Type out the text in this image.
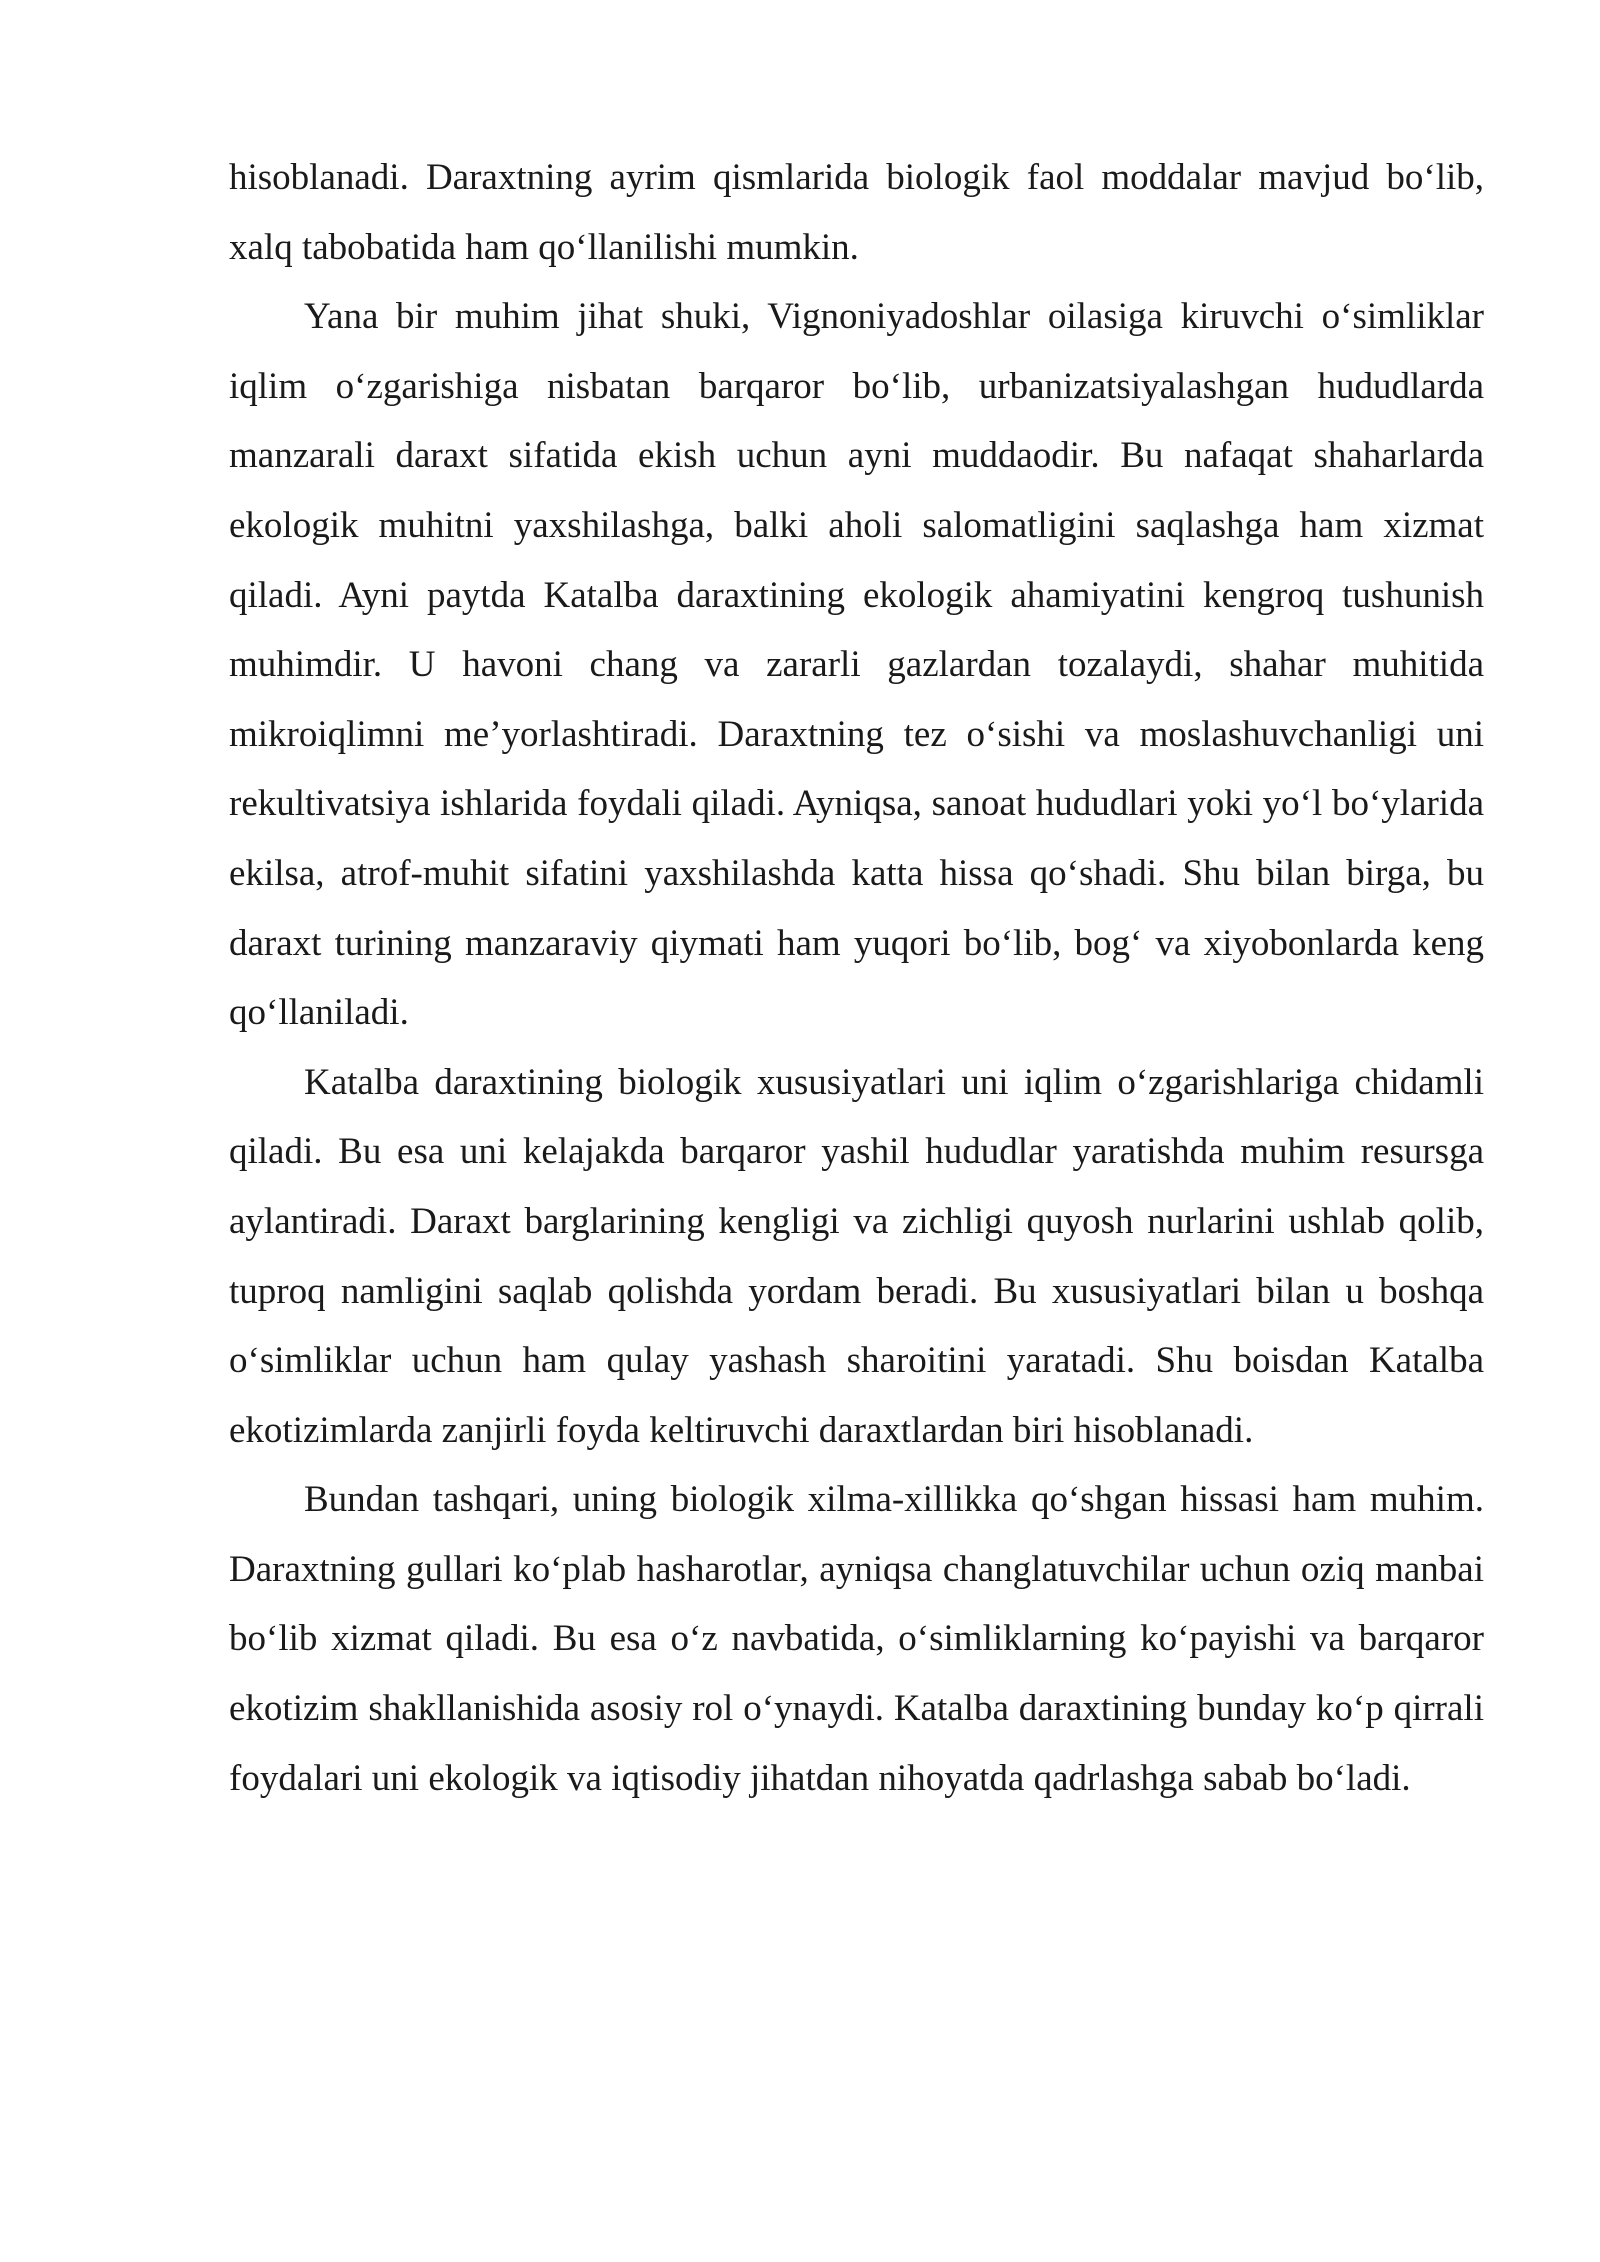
hisoblanadi. Daraxtning ayrim qismlarida biologik faol moddalar mavjud bo‘lib, xalq tabobatida ham qo‘llanilishi mumkin.

Yana bir muhim jihat shuki, Vignoniyadoshlar oilasiga kiruvchi o‘simliklar iqlim o‘zgarishiga nisbatan barqaror bo‘lib, urbanizatsiyalashgan hududlarda manzarali daraxt sifatida ekish uchun ayni muddaodir. Bu nafaqat shaharlarda ekologik muhitni yaxshilashga, balki aholi salomatligini saqlashga ham xizmat qiladi. Ayni paytda Katalba daraxtining ekologik ahamiyatini kengroq tushunish muhimdir. U havoni chang va zararli gazlardan tozalaydi, shahar muhitida mikroiqlimni me’yorlashtiradi. Daraxtning tez o‘sishi va moslashuvchanligi uni rekultivatsiya ishlarida foydali qiladi. Ayniqsa, sanoat hududlari yoki yo‘l bo‘ylarida ekilsa, atrof-muhit sifatini yaxshilashda katta hissa qo‘shadi. Shu bilan birga, bu daraxt turining manzaraviy qiymati ham yuqori bo‘lib, bog‘ va xiyobonlarda keng qo‘llaniladi.

Katalba daraxtining biologik xususiyatlari uni iqlim o‘zgarishlariga chidamli qiladi. Bu esa uni kelajakda barqaror yashil hududlar yaratishda muhim resursga aylantiradi. Daraxt barglarining kengligi va zichligi quyosh nurlarini ushlab qolib, tuproq namligini saqlab qolishda yordam beradi. Bu xususiyatlari bilan u boshqa o‘simliklar uchun ham qulay yashash sharoitini yaratadi. Shu boisdan Katalba ekotizimlarda zanjirli foyda keltiruvchi daraxtlardan biri hisoblanadi.

Bundan tashqari, uning biologik xilma-xillikka qo‘shgan hissasi ham muhim. Daraxtning gullari ko‘plab hasharotlar, ayniqsa changlatuvchilar uchun oziq manbai bo‘lib xizmat qiladi. Bu esa o‘z navbatida, o‘simliklarning ko‘payishi va barqaror ekotizim shakllanishida asosiy rol o‘ynaydi. Katalba daraxtining bunday ko‘p qirrali foydalari uni ekologik va iqtisodiy jihatdan nihoyatda qadrlashga sabab bo‘ladi.
